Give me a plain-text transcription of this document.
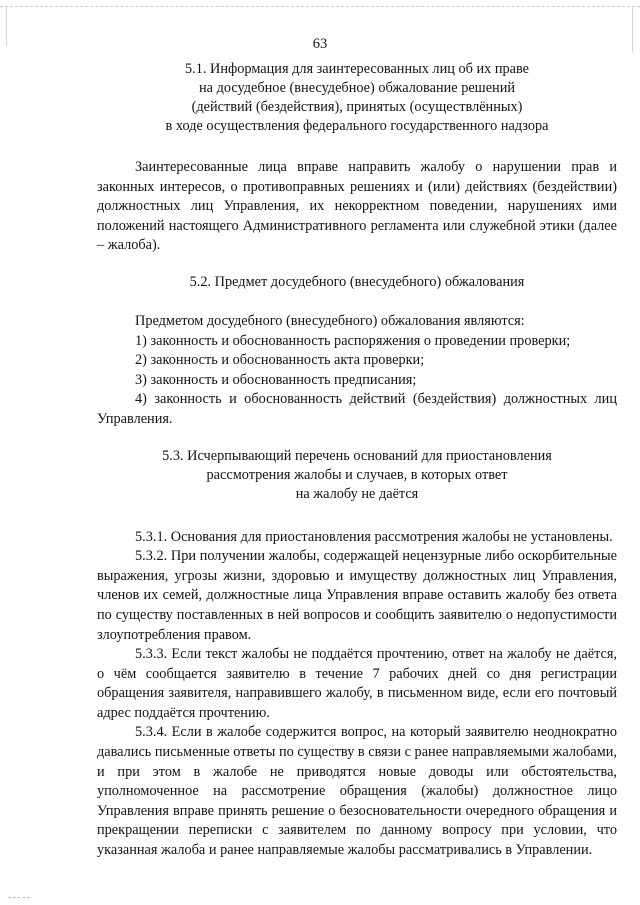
63

5.1. Информация для заинтересованных лиц об их праве

на досудебное (внесудебное) обжалование решений

(действий (бездействия), принятых (осуществлённых)

в ходе осуществления федерального государственного надзора

Заинтересованные лица вправе направить жалобу о нарушении прав и законных интересов, о противоправных решениях и (или) действиях (бездействии) должностных лиц Управления, их некорректном поведении, нарушениях ими положений настоящего Административного регламента или служебной этики (далее – жалоба).

5.2. Предмет досудебного (внесудебного) обжалования

Предметом досудебного (внесудебного) обжалования являются:

1) законность и обоснованность распоряжения о проведении проверки;

2) законность и обоснованность акта проверки;

3) законность и обоснованность предписания;

4) законность и обоснованность действий (бездействия) должностных лиц Управления.

5.3. Исчерпывающий перечень оснований для приостановления

рассмотрения жалобы и случаев, в которых ответ

на жалобу не даётся

5.3.1. Основания для приостановления рассмотрения жалобы не установлены.

5.3.2. При получении жалобы, содержащей нецензурные либо оскорбительные выражения, угрозы жизни, здоровью и имуществу должностных лиц Управления, членов их семей, должностные лица Управления вправе оставить жалобу без ответа по существу поставленных в ней вопросов и сообщить заявителю о недопустимости злоупотребления правом.

5.3.3. Если текст жалобы не поддаётся прочтению, ответ на жалобу не даётся, о чём сообщается заявителю в течение 7 рабочих дней со дня регистрации обращения заявителя, направившего жалобу, в письменном виде, если его почтовый адрес поддаётся прочтению.

5.3.4. Если в жалобе содержится вопрос, на который заявителю неоднократно давались письменные ответы по существу в связи с ранее направляемыми жалобами, и при этом в жалобе не приводятся новые доводы или обстоятельства, уполномоченное на рассмотрение обращения (жалобы) должностное лицо Управления вправе принять решение о безосновательности очередного обращения и прекращении переписки с заявителем по данному вопросу при условии, что указанная жалоба и ранее направляемые жалобы рассматривались в Управлении.
